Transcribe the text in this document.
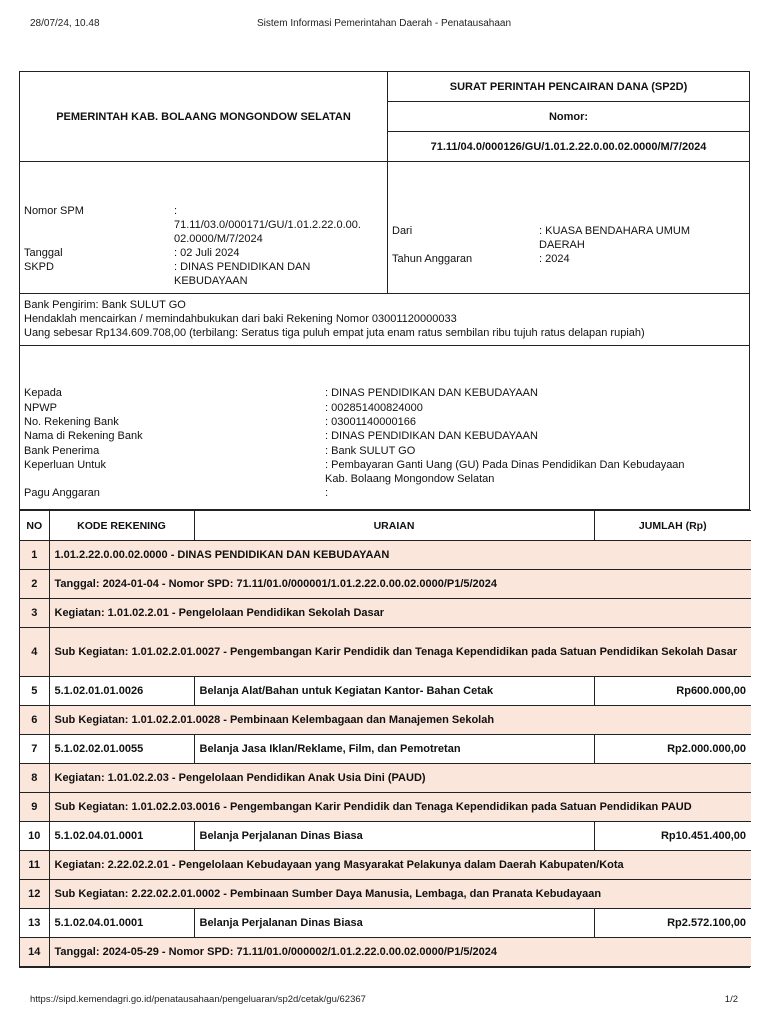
28/07/24, 10.48	Sistem Informasi Pemerintahan Daerah - Penatausahaan
PEMERINTAH KAB. BOLAANG MONGONDOW SELATAN
SURAT PERINTAH PENCAIRAN DANA (SP2D)
Nomor:
71.11/04.0/000126/GU/1.01.2.22.0.00.02.0000/M/7/2024
Nomor SPM	:
71.11/03.0/000171/GU/1.01.2.22.0.00.
02.0000/M/7/2024
Tanggal	: 02 Juli 2024
SKPD	: DINAS PENDIDIKAN DAN
KEBUDAYAAN
Dari	: KUASA BENDAHARA UMUM
DAERAH
Tahun Anggaran	: 2024
Bank Pengirim: Bank SULUT GO
Hendaklah mencairkan / memindahbukukan dari baki Rekening Nomor 03001120000033
Uang sebesar Rp134.609.708,00 (terbilang: Seratus tiga puluh empat juta enam ratus sembilan ribu tujuh ratus delapan rupiah)
Kepada	: DINAS PENDIDIKAN DAN KEBUDAYAAN
NPWP	: 002851400824000
No. Rekening Bank	: 03001140000166
Nama di Rekening Bank	: DINAS PENDIDIKAN DAN KEBUDAYAAN
Bank Penerima	: Bank SULUT GO
Keperluan Untuk	: Pembayaran Ganti Uang (GU) Pada Dinas Pendidikan Dan Kebudayaan
Kab. Bolaang Mongondow Selatan
Pagu Anggaran	:
NO	KODE REKENING	URAIAN	JUMLAH (Rp)
1	1.01.2.22.0.00.02.0000 - DINAS PENDIDIKAN DAN KEBUDAYAAN		
2	Tanggal: 2024-01-04 - Nomor SPD: 71.11/01.0/000001/1.01.2.22.0.00.02.0000/P1/5/2024		
3	Kegiatan: 1.01.02.2.01 - Pengelolaan Pendidikan Sekolah Dasar		
4	Sub Kegiatan: 1.01.02.2.01.0027 - Pengembangan Karir Pendidik dan Tenaga Kependidikan pada Satuan Pendidikan Sekolah Dasar		
5	5.1.02.01.01.0026	Belanja Alat/Bahan untuk Kegiatan Kantor- Bahan Cetak	Rp600.000,00
6	Sub Kegiatan: 1.01.02.2.01.0028 - Pembinaan Kelembagaan dan Manajemen Sekolah		
7	5.1.02.02.01.0055	Belanja Jasa Iklan/Reklame, Film, dan Pemotretan	Rp2.000.000,00
8	Kegiatan: 1.01.02.2.03 - Pengelolaan Pendidikan Anak Usia Dini (PAUD)		
9	Sub Kegiatan: 1.01.02.2.03.0016 - Pengembangan Karir Pendidik dan Tenaga Kependidikan pada Satuan Pendidikan PAUD		
10	5.1.02.04.01.0001	Belanja Perjalanan Dinas Biasa	Rp10.451.400,00
11	Kegiatan: 2.22.02.2.01 - Pengelolaan Kebudayaan yang Masyarakat Pelakunya dalam Daerah Kabupaten/Kota		
12	Sub Kegiatan: 2.22.02.2.01.0002 - Pembinaan Sumber Daya Manusia, Lembaga, dan Pranata Kebudayaan		
13	5.1.02.04.01.0001	Belanja Perjalanan Dinas Biasa	Rp2.572.100,00
14	Tanggal: 2024-05-29 - Nomor SPD: 71.11/01.0/000002/1.01.2.22.0.00.02.0000/P1/5/2024		
https://sipd.kemendagri.go.id/penatausahaan/pengeluaran/sp2d/cetak/gu/62367	1/2
